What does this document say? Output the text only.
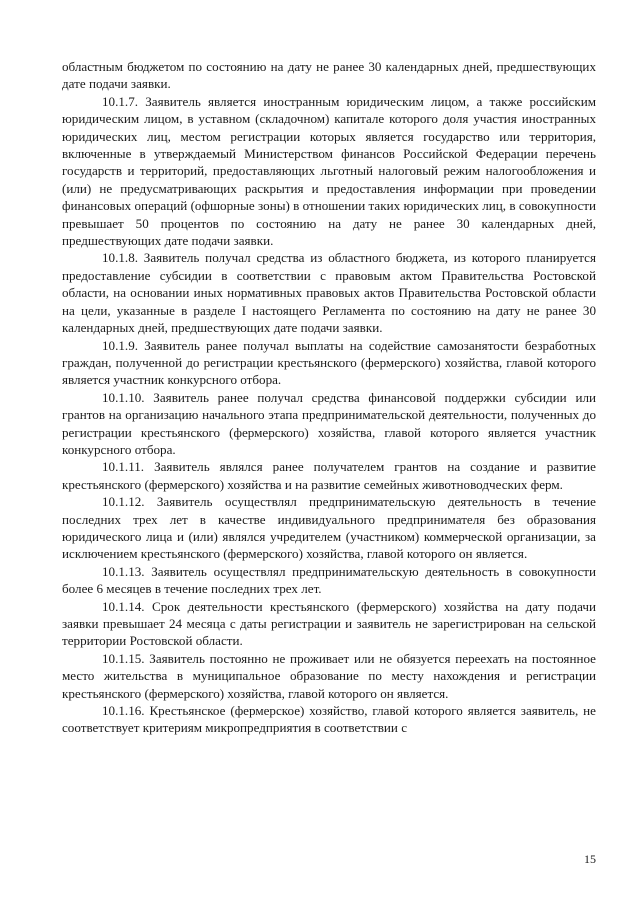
областным бюджетом по состоянию на дату не ранее 30 календарных дней, предшествующих дате подачи заявки.

10.1.7. Заявитель является иностранным юридическим лицом, а также российским юридическим лицом, в уставном (складочном) капитале которого доля участия иностранных юридических лиц, местом регистрации которых является государство или территория, включенные в утверждаемый Министерством финансов Российской Федерации перечень государств и территорий, предоставляющих льготный налоговый режим налогообложения и (или) не предусматривающих раскрытия и предоставления информации при проведении финансовых операций (офшорные зоны) в отношении таких юридических лиц, в совокупности превышает 50 процентов по состоянию на дату не ранее 30 календарных дней, предшествующих дате подачи заявки.

10.1.8. Заявитель получал средства из областного бюджета, из которого планируется предоставление субсидии в соответствии с правовым актом Правительства Ростовской области, на основании иных нормативных правовых актов Правительства Ростовской области на цели, указанные в разделе I настоящего Регламента по состоянию на дату не ранее 30 календарных дней, предшествующих дате подачи заявки.

10.1.9. Заявитель ранее получал выплаты на содействие самозанятости безработных граждан, полученной до регистрации крестьянского (фермерского) хозяйства, главой которого является участник конкурсного отбора.

10.1.10. Заявитель ранее получал средства финансовой поддержки субсидии или грантов на организацию начального этапа предпринимательской деятельности, полученных до регистрации крестьянского (фермерского) хозяйства, главой которого является участник конкурсного отбора.

10.1.11. Заявитель являлся ранее получателем грантов на создание и развитие крестьянского (фермерского) хозяйства и на развитие семейных животноводческих ферм.

10.1.12. Заявитель осуществлял предпринимательскую деятельность в течение последних трех лет в качестве индивидуального предпринимателя без образования юридического лица и (или) являлся учредителем (участником) коммерческой организации, за исключением крестьянского (фермерского) хозяйства, главой которого он является.

10.1.13. Заявитель осуществлял предпринимательскую деятельность в совокупности более 6 месяцев в течение последних трех лет.

10.1.14. Срок деятельности крестьянского (фермерского) хозяйства на дату подачи заявки превышает 24 месяца с даты регистрации и заявитель не зарегистрирован на сельской территории Ростовской области.

10.1.15. Заявитель постоянно не проживает или не обязуется переехать на постоянное место жительства в муниципальное образование по месту нахождения и регистрации крестьянского (фермерского) хозяйства, главой которого он является.

10.1.16. Крестьянское (фермерское) хозяйство, главой которого является заявитель, не соответствует критериям микропредприятия в соответствии с

15
